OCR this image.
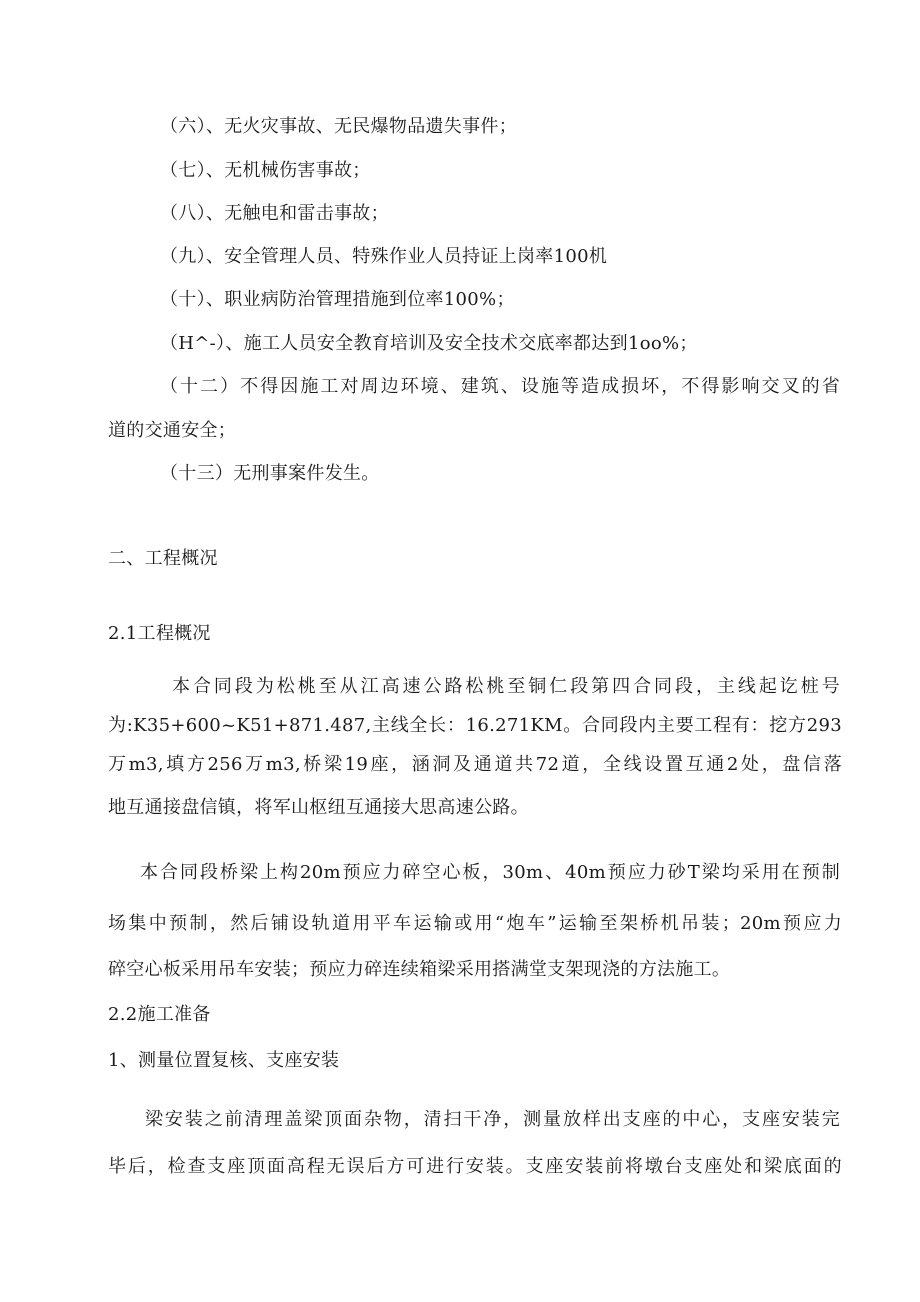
（六）、无火灾事故、无民爆物品遗失事件；
（七）、无机械伤害事故；
（八）、无触电和雷击事故；
（九）、安全管理人员、特殊作业人员持证上岗率100机
（十）、职业病防治管理措施到位率100%；
（H^-）、施工人员安全教育培训及安全技术交底率都达到1oo%；
（十二）不得因施工对周边环境、建筑、设施等造成损坏，不得影响交叉的省
道的交通安全；
（十三）无刑事案件发生。
二、工程概况
2.1工程概况
本合同段为松桃至从江高速公路松桃至铜仁段第四合同段，主线起讫桩号
为:K35+600~K51+871.487,主线全长：16.271KM。合同段内主要工程有：挖方293
万m3,填方256万m3,桥梁19座，涵洞及通道共72道，全线设置互通2处，盘信落
地互通接盘信镇，将军山枢纽互通接大思高速公路。
本合同段桥梁上构20m预应力碎空心板，30m、40m预应力砂T梁均采用在预制
场集中预制，然后铺设轨道用平车运输或用“炮车”运输至架桥机吊装；20m预应力
碎空心板采用吊车安装；预应力碎连续箱梁采用搭满堂支架现浇的方法施工。
2.2施工准备
1、测量位置复核、支座安装
梁安装之前清理盖梁顶面杂物，清扫干净，测量放样出支座的中心，支座安装完
毕后，检查支座顶面高程无误后方可进行安装。支座安装前将墩台支座处和梁底面的
